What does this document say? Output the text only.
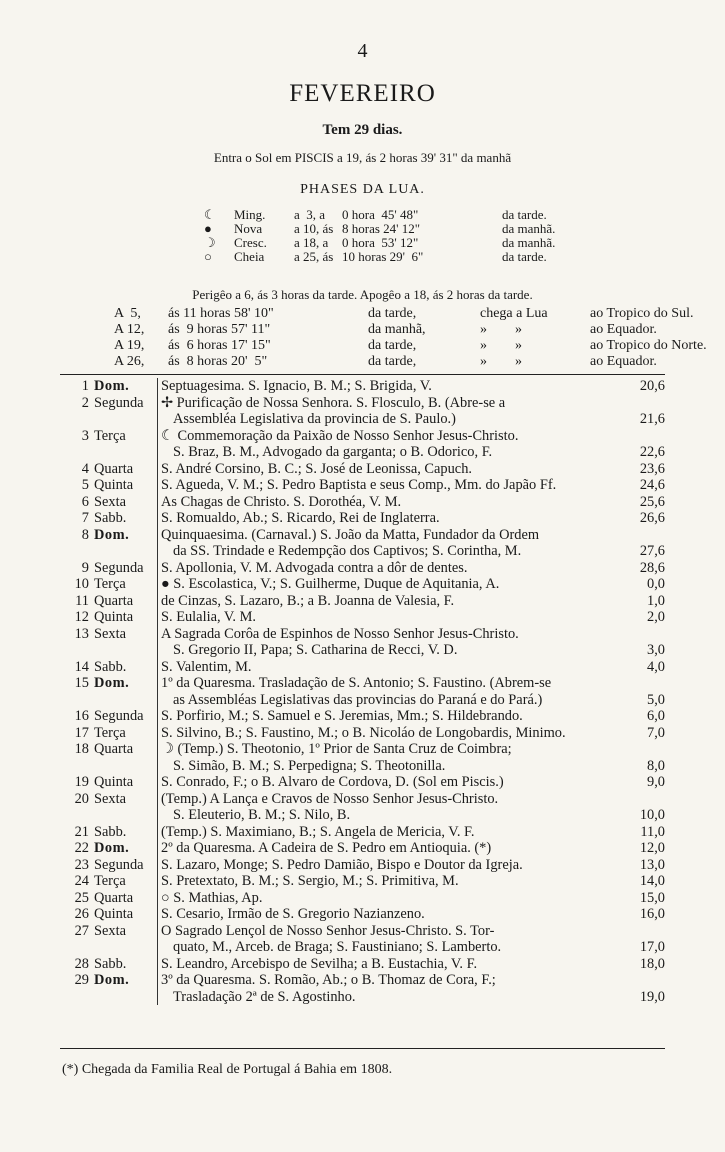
4
FEVEREIRO
Tem 29 dias.
Entra o Sol em PISCIS a 19, ás 2 horas 39' 31" da manhã
PHASES DA LUA.
☾	Ming.	a  3, a	0 hora  45' 48"	da tarde.
●	Nova	a 10, ás 8 horas 24' 12"	da manhã.
☽	Cresc.	a 18, a	0 hora  53' 12"	da manhã.
○	Cheia	a 25, ás 10 horas 29'  6"	da tarde.
Perigêo a 6, ás 3 horas da tarde. Apogêo a 18, ás 2 horas da tarde.
A  5,	ás 11 horas 58' 10"	da tarde,	chega a Lua	ao Tropico do Sul.
A 12,	ás  9 horas 57' 11"	da manhã,	»        »	ao Equador.
A 19,	ás  6 horas 17' 15"	da tarde,	»        »	ao Tropico do Norte.
A 26,	ás  8 horas 20'  5"	da tarde,	»        »	ao Equador.
1 Dom.	Septuagesima. S. Ignacio, B. M.; S. Brigida, V.	20,6
2 Segunda	✢ Purificação de Nossa Senhora. S. Flosculo, B. (Abre-se a
Assembléa Legislativa da provincia de S. Paulo.)	21,6
3 Terça	☾ Commemoração da Paixão de Nosso Senhor Jesus-Christo.
S. Braz, B. M., Advogado da garganta; o B. Odorico, F.	22,6
4 Quarta	S. André Corsino, B. C.; S. José de Leonissa, Capuch.	23,6
5 Quinta	S. Agueda, V. M.; S. Pedro Baptista e seus Comp., Mm. do Japão Ff.	24,6
6 Sexta	As Chagas de Christo. S. Dorothéa, V. M.	25,6
7 Sabb.	S. Romualdo, Ab.; S. Ricardo, Rei de Inglaterra.	26,6
8 Dom.	Quinquaesima. (Carnaval.) S. João da Matta, Fundador da Ordem
da SS. Trindade e Redempção dos Captivos; S. Corintha, M.	27,6
9 Segunda	S. Apollonia, V. M. Advogada contra a dôr de dentes.	28,6
10 Terça	● S. Escolastica, V.; S. Guilherme, Duque de Aquitania, A.	0,0
11 Quarta	de Cinzas, S. Lazaro, B.; a B. Joanna de Valesia, F.	1,0
12 Quinta	S. Eulalia, V. M.	2,0
13 Sexta	A Sagrada Corôa de Espinhos de Nosso Senhor Jesus-Christo.
S. Gregorio II, Papa; S. Catharina de Recci, V. D.	3,0
14 Sabb.	S. Valentim, M.	4,0
15 Dom.	1º da Quaresma. Trasladação de S. Antonio; S. Faustino. (Abrem-se
as Assembléas Legislativas das provincias do Paraná e do Pará.)	5,0
16 Segunda	S. Porfirio, M.; S. Samuel e S. Jeremias, Mm.; S. Hildebrando.	6,0
17 Terça	S. Silvino, B.; S. Faustino, M.; o B. Nicoláo de Longobardis, Minimo.	7,0
18 Quarta	☽ (Temp.) S. Theotonio, 1º Prior de Santa Cruz de Coimbra;
S. Simão, B. M.; S. Perpedigna; S. Theotonilla.	8,0
19 Quinta	S. Conrado, F.; o B. Alvaro de Cordova, D. (Sol em Piscis.)	9,0
20 Sexta	(Temp.) A Lança e Cravos de Nosso Senhor Jesus-Christo.
S. Eleuterio, B. M.; S. Nilo, B.	10,0
21 Sabb.	(Temp.) S. Maximiano, B.; S. Angela de Mericia, V. F.	11,0
22 Dom.	2º da Quaresma. A Cadeira de S. Pedro em Antioquia. (*)	12,0
23 Segunda	S. Lazaro, Monge; S. Pedro Damião, Bispo e Doutor da Igreja.	13,0
24 Terça	S. Pretextato, B. M.; S. Sergio, M.; S. Primitiva, M.	14,0
25 Quarta	○ S. Mathias, Ap.	15,0
26 Quinta	S. Cesario, Irmão de S. Gregorio Nazianzeno.	16,0
27 Sexta	O Sagrado Lençol de Nosso Senhor Jesus-Christo. S. Tor-
quato, M., Arceb. de Braga; S. Faustiniano; S. Lamberto.	17,0
28 Sabb.	S. Leandro, Arcebispo de Sevilha; a B. Eustachia, V. F.	18,0
29 Dom.	3º da Quaresma. S. Romão, Ab.; o B. Thomaz de Cora, F.;
Trasladação 2ª de S. Agostinho.	19,0
(*) Chegada da Familia Real de Portugal á Bahia em 1808.
